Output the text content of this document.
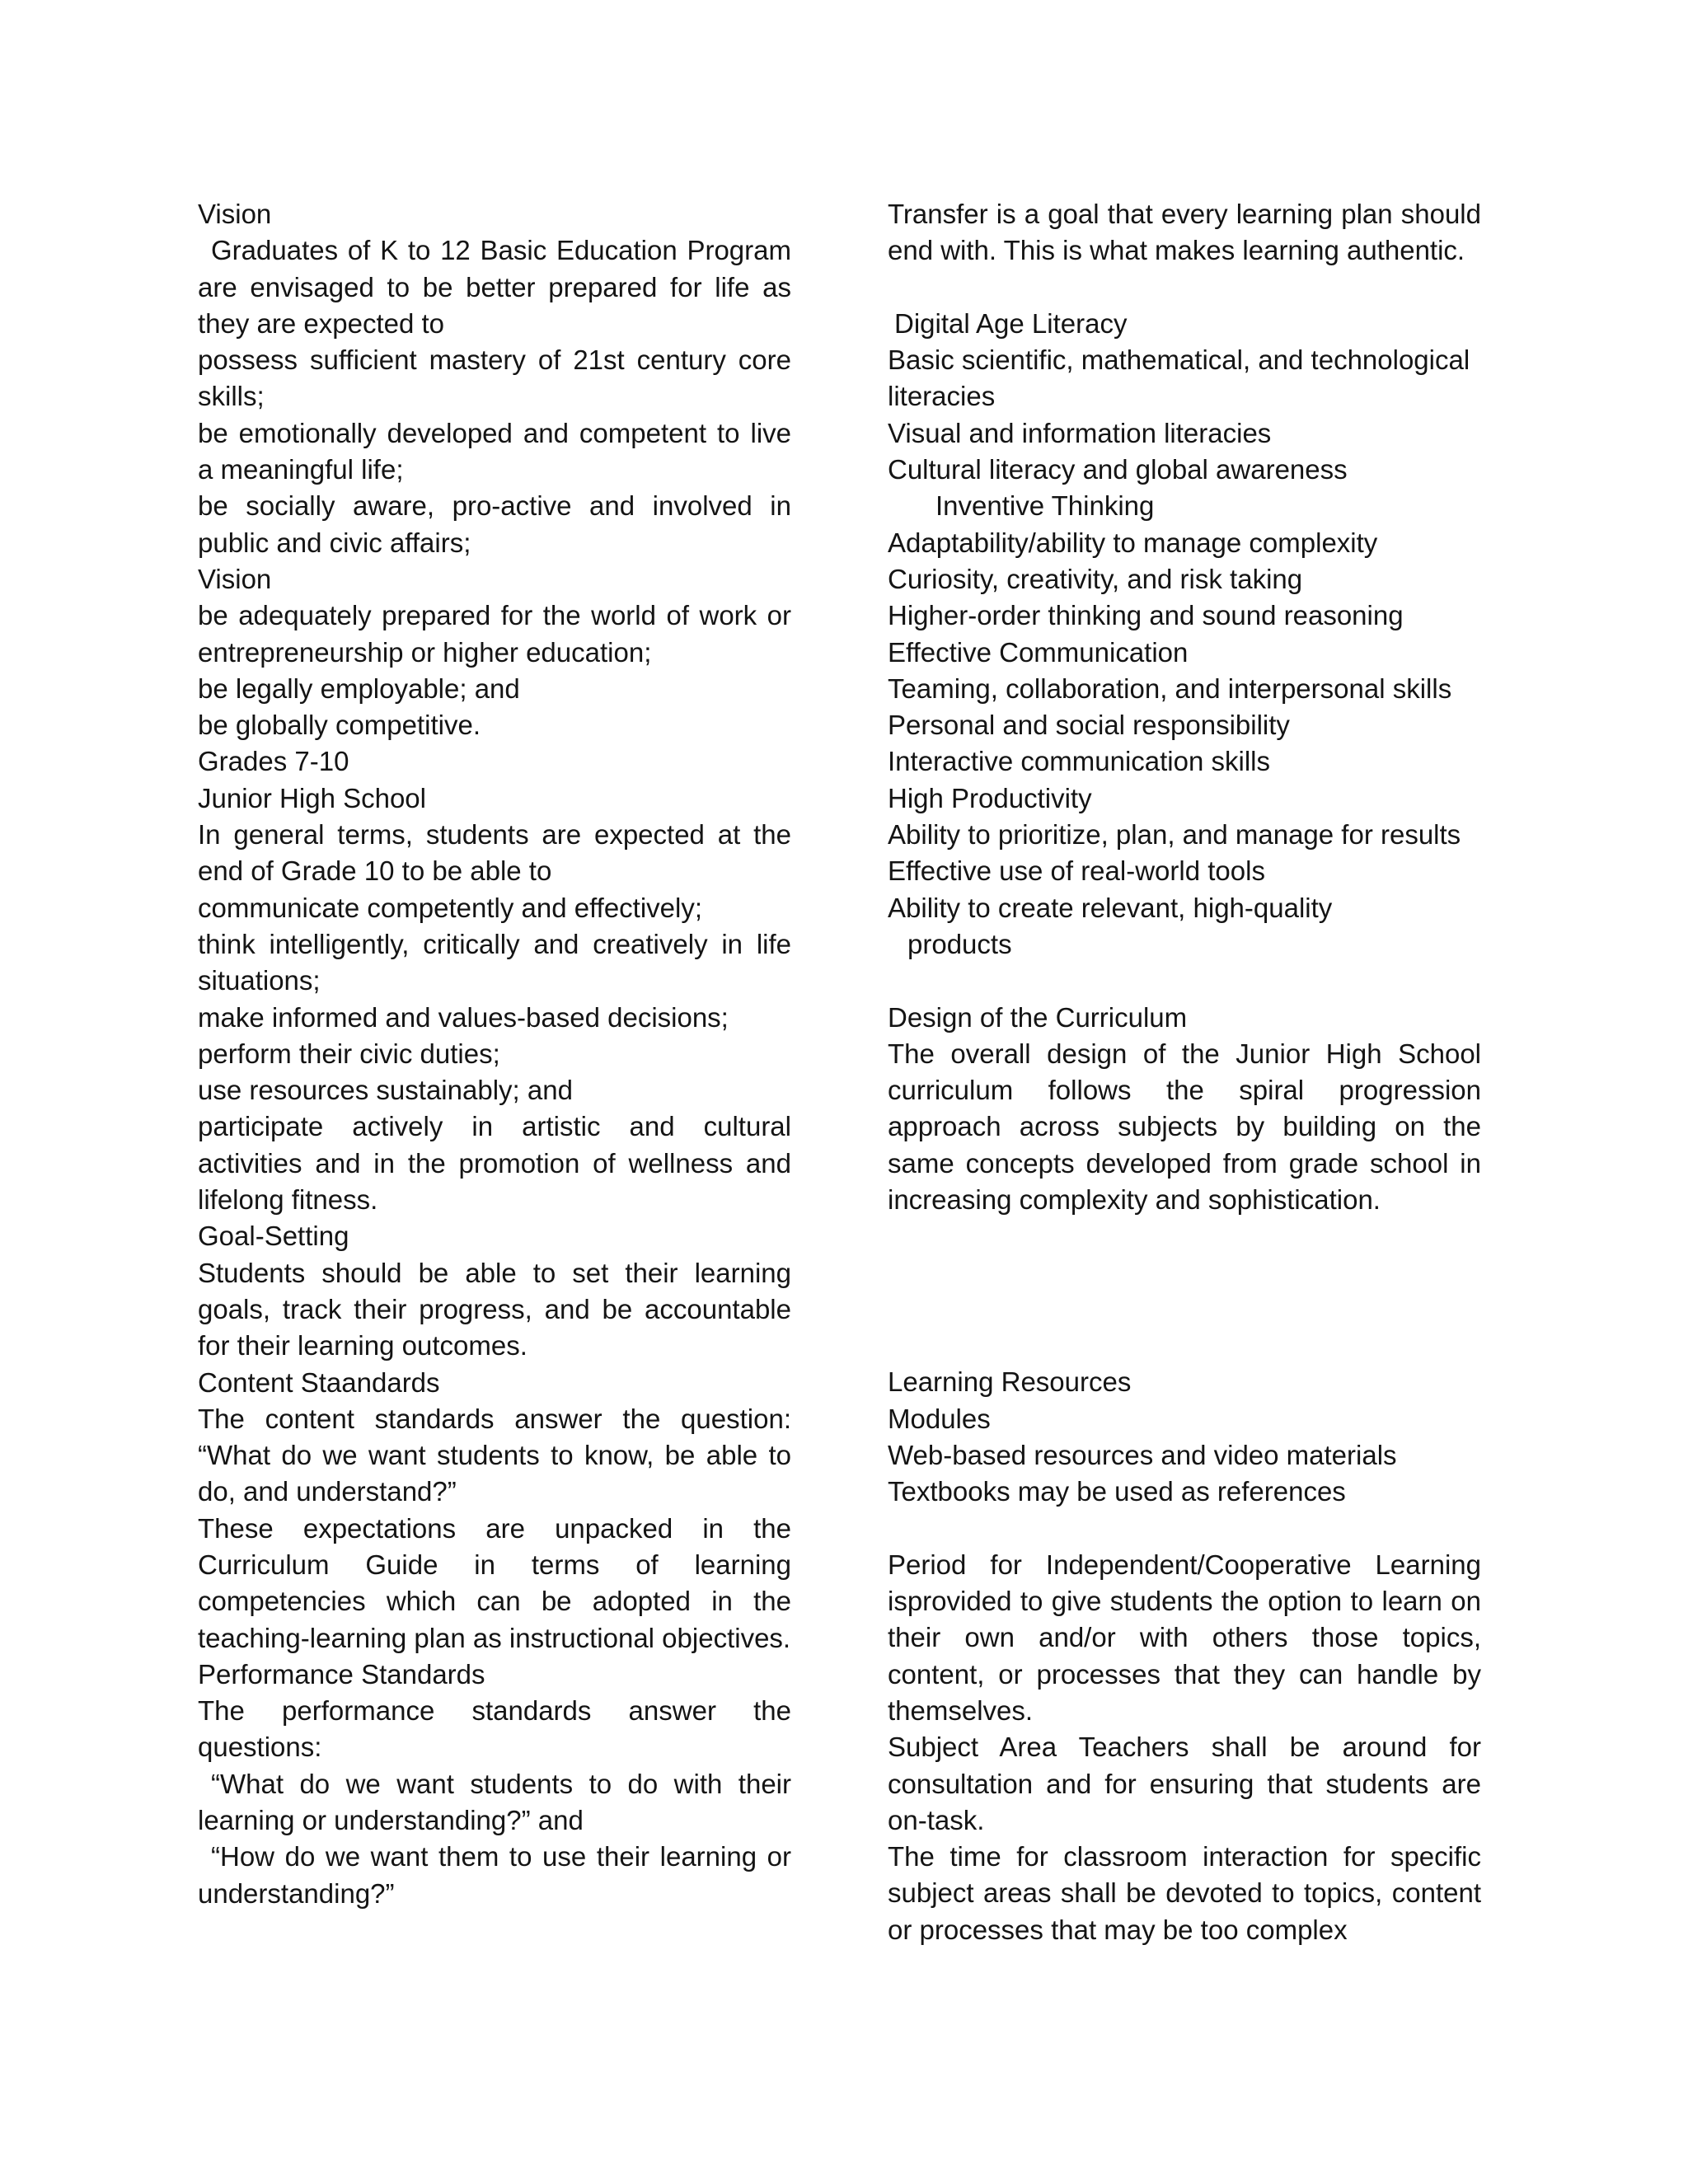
Vision

Graduates of K to 12 Basic Education Program are envisaged to be better prepared for life as they are expected to

possess sufficient mastery of 21st century core skills;

be emotionally developed and competent to live a meaningful life;

be socially aware, pro-active and involved in public and civic affairs;

Vision

be adequately prepared for the world of work or entrepreneurship or higher education;

be legally employable; and

be globally competitive.

Grades 7-10

Junior High School

In general terms, students are expected at the end of Grade 10 to be able to

communicate competently and effectively;

think intelligently, critically and creatively in life situations;

make informed and values-based decisions;

perform their civic duties;

use resources sustainably; and

participate actively in artistic and cultural activities and in the promotion of wellness and lifelong fitness.

Goal-Setting

Students should be able to set their learning goals, track their progress, and be accountable for their learning outcomes.

Content Staandards

The content standards answer the question: “What do we want students to know, be able to do, and understand?”

These expectations are unpacked in the Curriculum Guide in terms of learning competencies which can be adopted in the teaching-learning plan as instructional objectives.

Performance Standards

The performance standards answer the questions:

“What do we want students to do with their learning or understanding?” and

“How do we want them to use their learning or understanding?”

Transfer is a goal that every learning plan should end with. This is what makes learning authentic.

Digital Age Literacy

Basic scientific, mathematical, and technological literacies

Visual and information literacies

Cultural literacy and global awareness

Inventive Thinking

Adaptability/ability to manage complexity

Curiosity, creativity, and risk taking

Higher-order thinking and sound reasoning

Effective Communication

Teaming, collaboration, and interpersonal skills

Personal and social responsibility

Interactive communication skills

High Productivity

Ability to prioritize, plan, and manage for results

Effective use of real-world tools

Ability to create relevant, high-quality

products

Design of the Curriculum

The overall design of the Junior High School curriculum follows the spiral progression approach across subjects by building on the same concepts developed from grade school in increasing complexity and sophistication.

Learning Resources

Modules

Web-based resources and video materials

Textbooks may be used as references

Period for Independent/Cooperative Learning isprovided to give students the option to learn on their own and/or with others those topics, content, or processes that they can handle by themselves.

Subject Area Teachers shall be around for consultation and for ensuring that students are on-task.

The time for classroom interaction for specific subject areas shall be devoted to topics, content or processes that may be too complex
